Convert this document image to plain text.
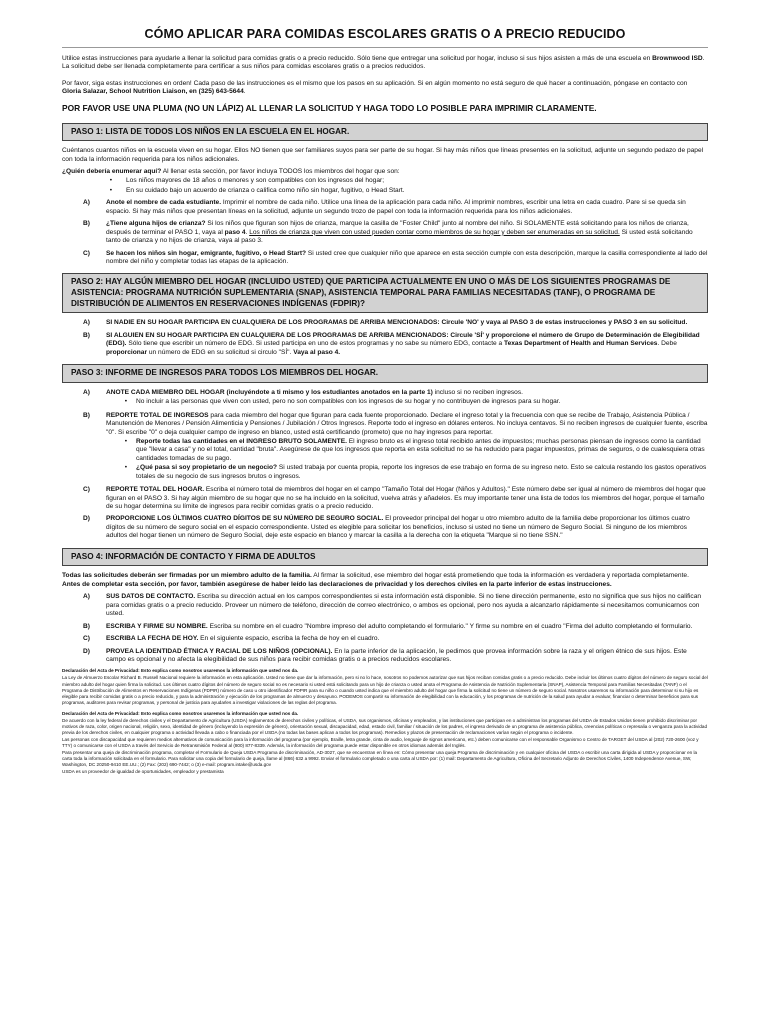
CÓMO APLICAR PARA COMIDAS ESCOLARES GRATIS O A PRECIO REDUCIDO

Utilice estas instrucciones para ayudarle a llenar la solicitud para comidas gratis o a precio reducido. Sólo tiene que entregar una solicitud por hogar, incluso si sus hijos asisten a más de una escuela en Brownwood ISD. La solicitud debe ser llenada completamente para certificar a sus niños para comidas escolares gratis o a precios reducidos.

Por favor, siga estas instrucciones en orden! Cada paso de las instrucciones es el mismo que los pasos en su aplicación. Si en algún momento no está seguro de qué hacer a continuación, póngase en contacto con Gloria Salazar, School Nutrition Liaison, en (325) 643-5644.

POR FAVOR USE UNA PLUMA (NO UN LÁPIZ) AL LLENAR LA SOLICITUD Y HAGA TODO LO POSIBLE PARA IMPRIMIR CLARAMENTE.
PASO 1: LISTA DE TODOS LOS NIÑOS EN LA ESCUELA EN EL HOGAR.

Cuéntanos cuantos niños en la escuela viven en su hogar. Ellos NO tienen que ser familiares suyos para ser parte de su hogar. Si hay más niños que líneas presentes en la solicitud, adjunte un segundo pedazo de papel con toda la información requerida para los niños adicionales.

¿Quién debería enumerar aquí? Al llenar esta sección, por favor incluya TODOS los miembros del hogar que son:

•	Los niños mayores de 18 años o menores y son compatibles con los ingresos del hogar;
•	En su cuidado bajo un acuerdo de crianza o califica como niño sin hogar, fugitivo, o Head Start.
A)	Anote el nombre de cada estudiante. Imprimir el nombre de cada niño. Utilice una línea de la aplicación para cada niño. Al imprimir nombres, escribir una letra en cada cuadro. Pare si se queda sin espacio. Si hay más niños que presentan líneas en la solicitud, adjunte un segundo trozo de papel con toda la información requerida para los niños adicionales.
B)	¿Tiene alguna hijos de crianza? Si los niños que figuran son hijos de crianza, marque la casilla de "Foster Child" junto al nombre del niño. Si SOLAMENTE está solicitando para los niños de crianza, después de terminar el PASO 1, vaya al paso 4. Los niños de crianza que viven con usted pueden contar como miembros de su hogar y deben ser enumeradas en su solicitud. Si usted está solicitando tanto de crianza y no hijos de crianza, vaya al paso 3.
C)	Se hacen los niños sin hogar, emigrante, fugitivo, o Head Start? Si usted cree que cualquier niño que aparece en esta sección cumple con esta descripción, marque la casilla correspondiente al lado del nombre del niño y completar todas las etapas de la aplicación.
PASO 2: HAY ALGÚN MIEMBRO DEL HOGAR (INCLUIDO USTED) QUE PARTICIPA ACTUALMENTE EN UNO O MÁS DE LOS SIGUIENTES PROGRAMAS DE ASISTENCIA: PROGRAMA NUTRICIÓN SUPLEMENTARIA (SNAP), ASISTENCIA TEMPORAL PARA FAMILIAS NECESITADAS (TANF), O PROGRAMA DE DISTRIBUCIÓN DE ALIMENTOS EN RESERVACIONES INDÍGENAS (FDPIR)?
A)	SI NADIE EN SU HOGAR PARTICIPA EN CUALQUIERA DE LOS PROGRAMAS DE ARRIBA MENCIONADOS: Circule 'NO' y vaya al PASO 3 de estas instrucciones y PASO 3 en su solicitud.
B)	SI ALGUIEN EN SU HOGAR PARTICIPA EN CUALQUIERA DE LOS PROGRAMAS DE ARRIBA MENCIONADOS: Circule 'SÍ' y proporcione el número de Grupo de Determinación de Elegibilidad (EDG). Sólo tiene que escribir un número de EDG. Si usted participa en uno de estos programas y no sabe su número EDG, contacte a Texas Department of Health and Human Services. Debe proporcionar un número de EDG en su solicitud si circulo "SÍ". Vaya al paso 4.
PASO 3: INFORME DE INGRESOS PARA TODOS LOS MIEMBROS DEL HOGAR.
A)	ANOTE CADA MIEMBRO DEL HOGAR (incluyéndote a ti mismo y los estudiantes anotados en la parte 1) incluso si no reciben ingresos.
•	No incluir a las personas que viven con usted, pero no son compatibles con los ingresos de su hogar y no contribuyen de ingresos para su hogar.
B)	REPORTE TOTAL DE INGRESOS para cada miembro del hogar que figuran para cada fuente proporcionado. Declare el ingreso total y la frecuencia con que se recibe de Trabajo, Asistencia Pública / Manutención de Menores / Pensión Alimenticia y Pensiones / Jubilación / Otros Ingresos. Reporte todo el ingreso en dólares enteros. No incluya centavos. Si no reciben ingresos de cualquier fuente, escriba "0". Si escribe "0" o deja cualquier campo de ingreso en blanco, usted está certificando (prometo) que no hay ingresos para reportar.
•	Reporte todas las cantidades en el INGRESO BRUTO SOLAMENTE. El ingreso bruto es el ingreso total recibido antes de impuestos; muchas personas piensan de ingresos como la cantidad que "llevar a casa" y no el total, cantidad "bruta". Asegúrese de que los ingresos que reporta en esta solicitud no se ha reducido para pagar impuestos, primas de seguros, o de cualesquiera otras cantidades tomadas de su pago.
•	¿Qué pasa si soy propietario de un negocio? Si usted trabaja por cuenta propia, reporte los ingresos de ese trabajo en forma de su ingreso neto. Esto se calcula restando los gastos operativos totales de su negocio de sus ingresos brutos o ingresos.
C)	REPORTE TOTAL DEL HOGAR. Escriba el número total de miembros del hogar en el campo "Tamaño Total del Hogar (Niños y Adultos)." Este número debe ser igual al número de miembros del hogar que figuran en el PASO 3. Si hay algún miembro de su hogar que no se ha incluido en la solicitud, vuelva atrás y añadelos. Es muy importante tener una lista de todos los miembros del hogar, porque el tamaño de su hogar determina su límite de ingresos para recibir comidas gratis o a precio reducido.
D)	PROPORCIONE LOS ÚLTIMOS CUATRO DÍGITOS DE SU NÚMERO DE SEGURO SOCIAL. El proveedor principal del hogar u otro miembro adulto de la familia debe proporcionar los últimos cuatro dígitos de su número de seguro social en el espacio correspondiente. Usted es elegible para solicitar los beneficios, incluso si usted no tiene un número de Seguro Social. Si ninguno de los miembros adultos del hogar tienen un número de Seguro Social, deje este espacio en blanco y marcar la casilla a la derecha con la etiqueta "Marque si no tiene SSN."
PASO 4: INFORMACIÓN DE CONTACTO Y FIRMA DE ADULTOS

Todas las solicitudes deberán ser firmadas por un miembro adulto de la familia. Al firmar la solicitud, ese miembro del hogar está prometiendo que toda la información es verdadera y reportada completamente. Antes de completar esta sección, por favor, también asegúrese de haber leído las declaraciones de privacidad y los derechos civiles en la parte inferior de estas instrucciones.

A)	SUS DATOS DE CONTACTO. Escriba su dirección actual en los campos correspondientes si esta información está disponible. Si no tiene dirección permanente, esto no significa que sus hijos no califican para comidas gratis o a precio reducido. Proveer un número de teléfono, dirección de correo electrónico, o ambos es opcional, pero nos ayuda a alcanzarlo rápidamente si necesitamos comunicarnos con usted.
B)	ESCRIBA Y FIRME SU NOMBRE. Escriba su nombre en el cuadro "Nombre impreso del adulto completando el formulario." Y firme su nombre en el cuadro "Firma del adulto completando el formulario.
C)	ESCRIBA LA FECHA DE HOY. En el siguiente espacio, escriba la fecha de hoy en el cuadro.
D)	PROVEA LA IDENTIDAD ÉTNICA Y RACIAL DE LOS NIÑOS (OPCIONAL). En la parte inferior de la aplicación, le pedimos que provea información sobre la raza y el origen étnico de sus hijos. Este campo es opcional y no afecta la elegibilidad de sus niños para recibir comidas gratis o a precios reducidos escolares.

Declaración del Acta de Privacidad: Esto explica como nosotros usaremos la información que usted nos da.

La Ley de Almuerzo Escolar Richard B. Russell Nacional requiere la información en esta aplicación. Usted no tiene que dar la información, pero si no lo hace, nosotros no podemos autorizar que sus hijos reciban comidas gratis o a precio reducido. Debe incluir los últimos cuatro dígitos del número de seguro social del miembro adulto del hogar quien firma la solicitud. Los últimos cuatro dígitos del número de seguro social no es necesario si usted está solicitando para un hijo de crianza o usted anota el Programa de Asistencia de Nutrición Suplementaria (SNAP), Asistencia Temporal para Familias Necesitadas (TANF) o el Programa de Distribución de Alimentos en Reservaciones Indígenas (FDPIR) número de caso u otro identificador FDPIR para su niño o cuando usted indica que el miembro adulto del hogar que firma la solicitud no tiene un número de seguro social. Nosotros usaremos su información para determinar si su hijo es elegible para recibir comidas gratis o a precio reducido, y para la administración y ejecución de los programas de almuerzo y desayuno. PODEMOS compartir su información de elegibilidad con la educación, y los programas de nutrición de la salud para ayudar a evaluar, financiar o determinar beneficios para sus programas, auditores para revisar programas, y personal de justicia para ayudarles a investigar violaciones de las reglas del programa.

Declaración del Acta de Privacidad: Esto explica como nosotros usaremos la información que usted nos da.

De acuerdo con la ley federal de derechos civiles y el Departamento de Agricultura (USDA) reglamentos de derechos civiles y políticas, el USDA, sus organismos, oficinas y empleados, y las instituciones que participan en o administran los programas del USDA de Estados Unidos tienen prohibido discriminar por motivos de raza, color, origen nacional, religión, sexo, identidad de género (incluyendo la expresión de género), orientación sexual, discapacidad, edad, estado civil, familiar / situación de los padres, el ingreso derivado de un programa de asistencia pública, creencias políticas o represalia o venganza para la actividad previa de los derechos civiles, en cualquier programa o actividad llevada a cabo o financiada por el USDA (no todas las bases aplican a todos los programas). Remedios y plazos de presentación de reclamaciones varían según el programa o incidente.

Las personas con discapacidad que requieren medios alternativos de comunicación para la información del programa (por ejemplo, Braille, letra grande, cinta de audio, lenguaje de signos americano, etc.) deben comunicarse con el responsable Organismo o Centro de TARGET del USDA al (202) 720-2600 (voz y TTY) o comunicarse con el USDA a través del Servicio de Retransmisión Federal al (800) 877-8339. Además, la información del programa puede estar disponible en otros idiomas además del Inglés.

Para presentar una queja de discriminación programa, completar el Formulario de Queja USDA Programa de discriminación, AD-3027, que se encuentran en línea en: Cómo presentar una queja Programa de discriminación y en cualquier oficina del USDA o escribir una carta dirigida al USDA y proporcionar en la carta toda la información solicitada en el formulario. Para solicitar una copia del formulario de queja, llame al (866) 632 a 9992. Enviar el formulario completado o una carta al USDA por: (1) mail: Departamento de Agricultura, Oficina del Secretario Adjunto de Derechos Civiles, 1400 Independence Avenue, SW, Washington, DC 20250-9410 EE.UU.; (2) Fax: (202) 690-7442; o (3) e-mail: program.intake@usda.gov

USDA es un proveedor de igualdad de oportunidades, empleador y prestamista
